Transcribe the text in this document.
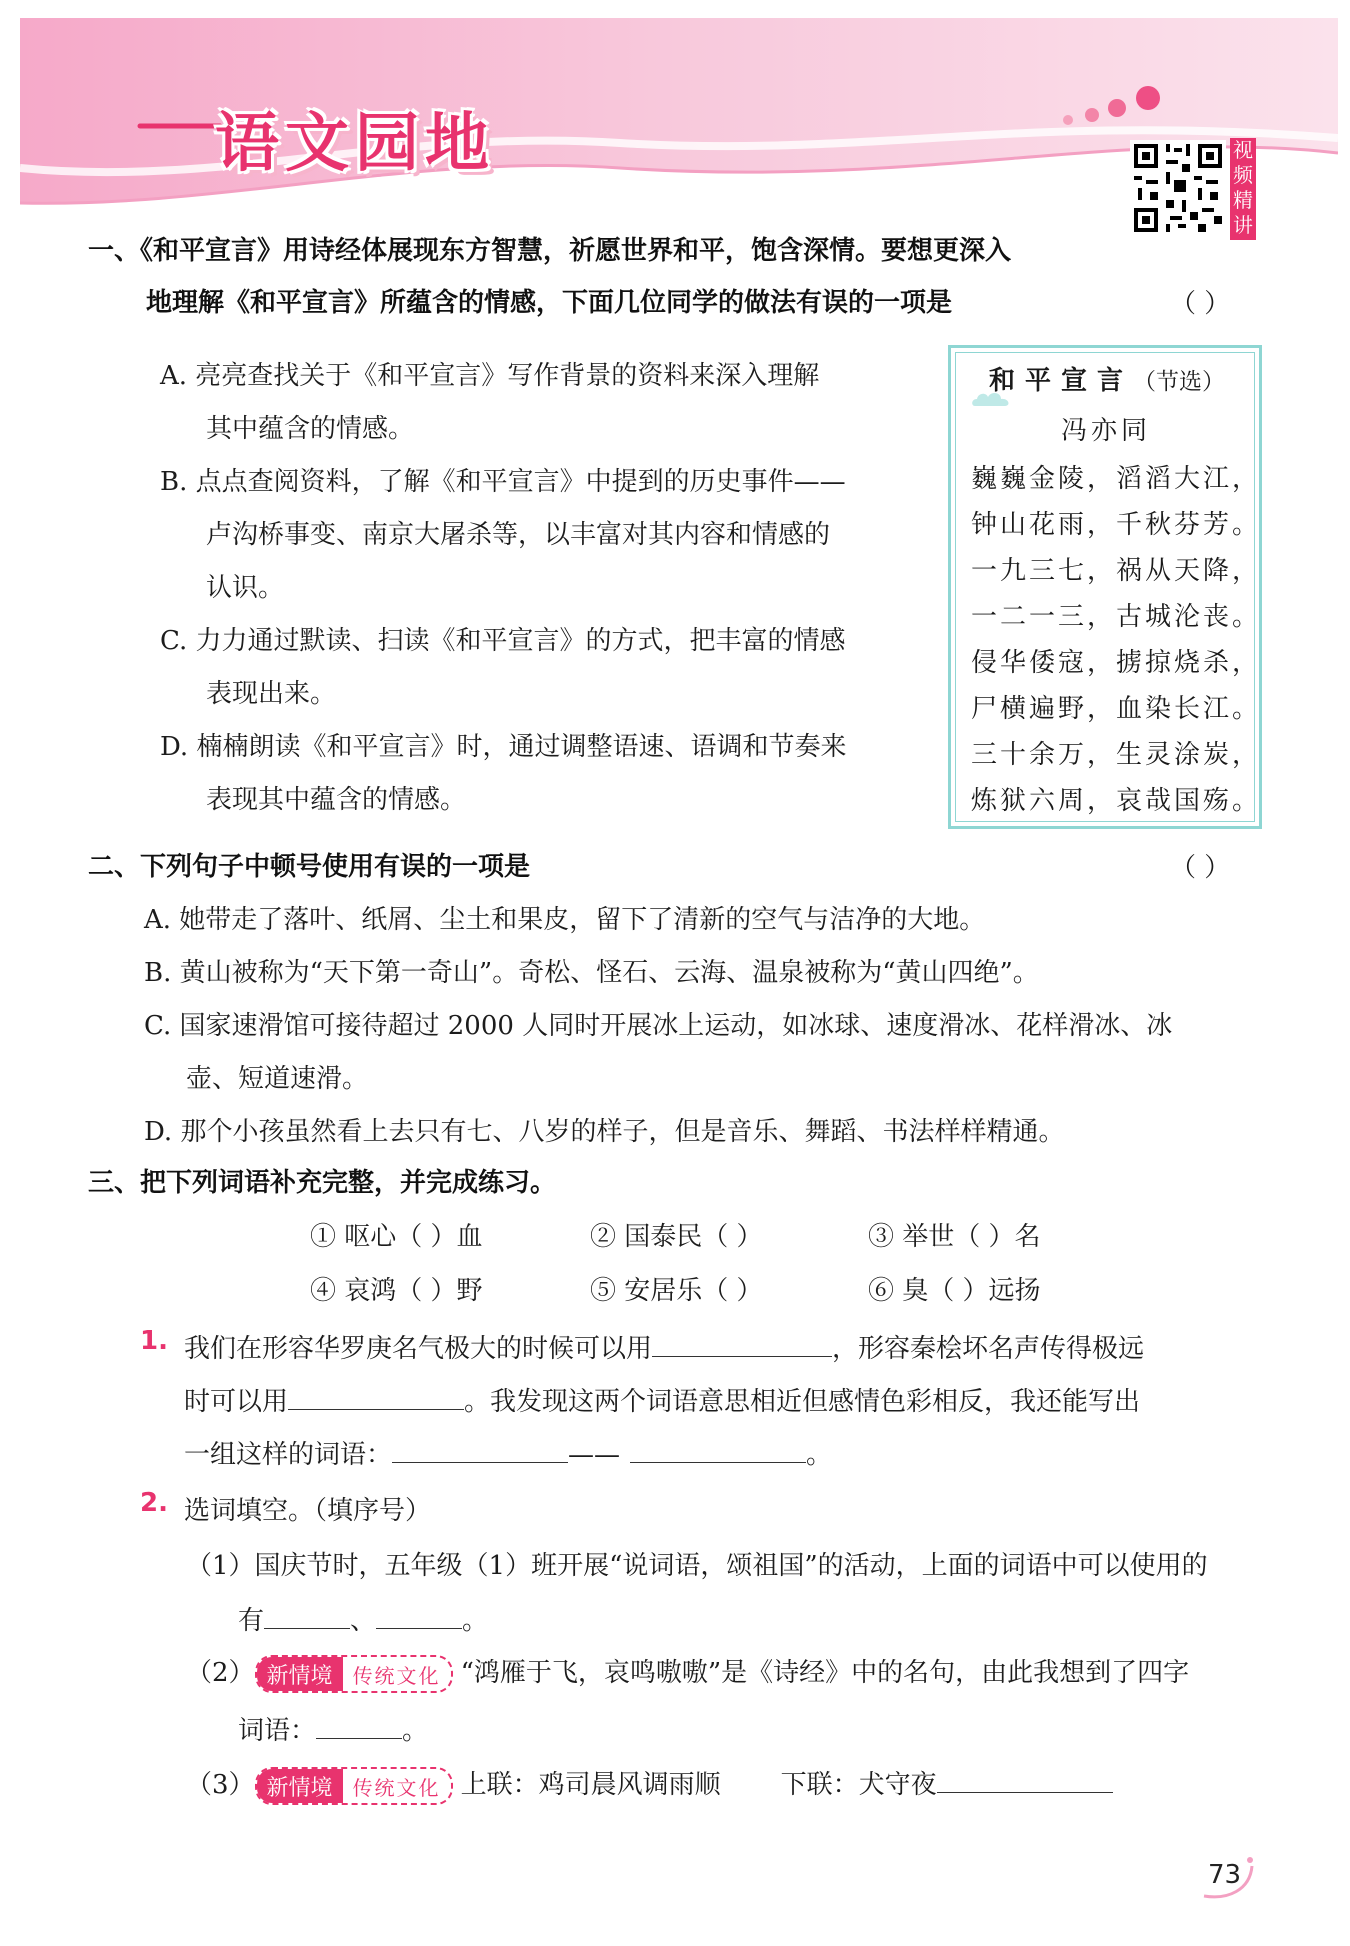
语文园地	视频精讲
一、《和平宣言》用诗经体展现东方智慧，祈愿世界和平，饱含深情。要想更深入
地理解《和平宣言》所蕴含的情感，下面几位同学的做法有误的一项是	（ ）
A. 亮亮查找关于《和平宣言》写作背景的资料来深入理解
其中蕴含的情感。
B. 点点查阅资料，了解《和平宣言》中提到的历史事件——
卢沟桥事变、南京大屠杀等，以丰富对其内容和情感的
认识。
C. 力力通过默读、扫读《和平宣言》的方式，把丰富的情感
表现出来。
D. 楠楠朗读《和平宣言》时，通过调整语速、语调和节奏来
表现其中蕴含的情感。
和平宣言（节选）
冯亦同
巍巍金陵，滔滔大江，
钟山花雨，千秋芬芳。
一九三七，祸从天降，
一二一三，古城沦丧。
侵华倭寇，掳掠烧杀，
尸横遍野，血染长江。
三十余万，生灵涂炭，
炼狱六周，哀哉国殇。
二、下列句子中顿号使用有误的一项是	（ ）
A. 她带走了落叶、纸屑、尘土和果皮，留下了清新的空气与洁净的大地。
B. 黄山被称为“天下第一奇山”。奇松、怪石、云海、温泉被称为“黄山四绝”。
C. 国家速滑馆可接待超过 2000 人同时开展冰上运动，如冰球、速度滑冰、花样滑冰、冰
壶、短道速滑。
D. 那个小孩虽然看上去只有七、八岁的样子，但是音乐、舞蹈、书法样样精通。
三、把下列词语补充完整，并完成练习。
① 呕心（ ）血	② 国泰民（ ）	③ 举世（ ）名
④ 哀鸿（ ）野	⑤ 安居乐（ ）	⑥ 臭（ ）远扬
1. 我们在形容华罗庚名气极大的时候可以用	，形容秦桧坏名声传得极远
时可以用	。我发现这两个词语意思相近但感情色彩相反，我还能写出
一组这样的词语：	——	。
2. 选词填空。（填序号）
（1）国庆节时，五年级（1）班开展“说词语，颂祖国”的活动，上面的词语中可以使用的
有	、	。
（2） 新情境	传统文化 “鸿雁于飞，哀鸣嗷嗷”是《诗经》中的名句，由此我想到了四字
词语：	。
（3） 新情境	传统文化 上联：鸡司晨风调雨顺 下联：犬守夜
73
